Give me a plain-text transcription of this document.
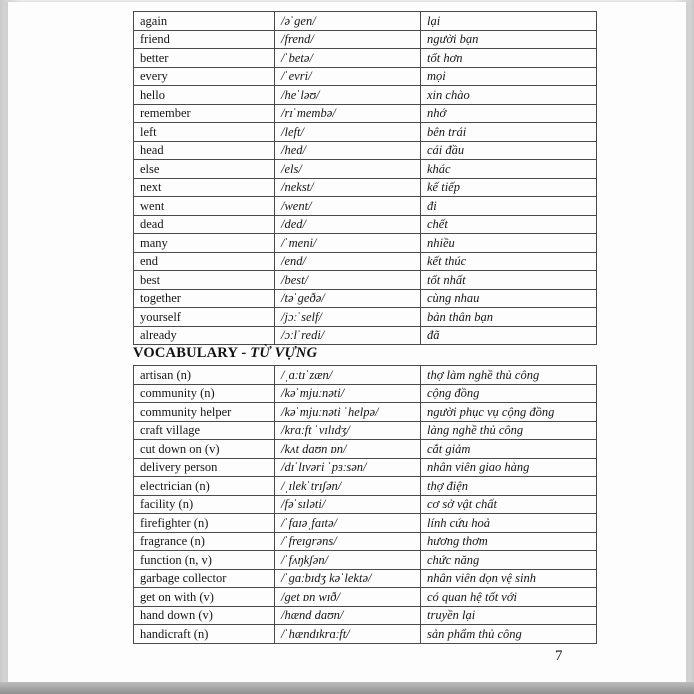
again	/əˈgen/	lại
friend	/frend/	người bạn
better	/ˈbetə/	tốt hơn
every	/ˈevri/	mọi
hello	/heˈləʊ/	xin chào
remember	/rɪˈmembə/	nhớ
left	/left/	bên trái
head	/hed/	cái đầu
else	/els/	khác
next	/nekst/	kế tiếp
went	/went/	đi
dead	/ded/	chết
many	/ˈmeni/	nhiều
end	/end/	kết thúc
best	/best/	tốt nhất
together	/təˈgeðə/	cùng nhau
yourself	/jɔːˈself/	bản thân bạn
already	/ɔːlˈredi/	đã
VOCABULARY - TỪ VỰNG
artisan (n)	/ˌɑːtɪˈzæn/	thợ làm nghề thủ công
community (n)	/kəˈmjuːnəti/	cộng đồng
community helper	/kəˈmjuːnəti ˈhelpə/	người phục vụ cộng đồng
craft village	/krɑːft ˈvɪlɪdʒ/	làng nghề thủ công
cut down on (v)	/kʌt daʊn ɒn/	cắt giảm
delivery person	/dɪˈlɪvəri ˈpɜːsən/	nhân viên giao hàng
electrician (n)	/ˌɪlekˈtrɪʃən/	thợ điện
facility (n)	/fəˈsɪləti/	cơ sở vật chất
firefighter (n)	/ˈfaɪəˌfaɪtə/	lính cứu hoả
fragrance (n)	/ˈfreɪgrəns/	hương thơm
function (n, v)	/ˈfʌŋkʃən/	chức năng
garbage collector	/ˈgɑːbɪdʒ kəˈlektə/	nhân viên dọn vệ sinh
get on with (v)	/get ɒn wɪð/	có quan hệ tốt với
hand down (v)	/hænd daʊn/	truyền lại
handicraft (n)	/ˈhændɪkrɑːft/	sản phẩm thủ công
7
